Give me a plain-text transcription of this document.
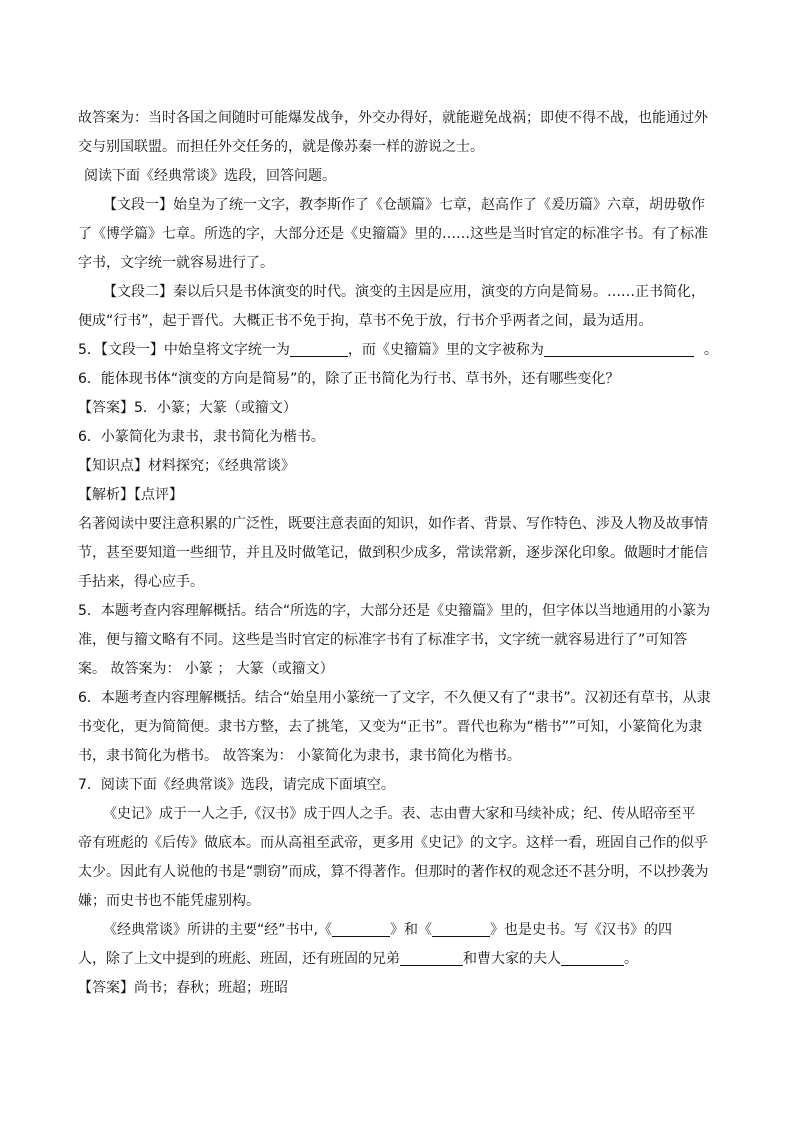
故答案为：当时各国之间随时可能爆发战争，外交办得好，就能避免战祸；即使不得不战，也能通过外
交与别国联盟。而担任外交任务的，就是像苏秦一样的游说之士。
阅读下面《经典常谈》选段，回答问题。
【文段一】始皇为了统一文字，教李斯作了《仓颉篇》七章，赵高作了《爰历篇》六章，胡毋敬作
了《博学篇》七章。所选的字，大部分还是《史籀篇》里的……这些是当时官定的标准字书。有了标准
字书，文字统一就容易进行了。
【文段二】秦以后只是书体演变的时代。演变的主因是应用，演变的方向是简易。……正书简化，
便成“行书”，起于晋代。大概正书不免于拘，草书不免于放，行书介乎两者之间，最为适用。
5．【文段一】中始皇将文字统一为	，而《史籀篇》里的文字被称为	。
6．能体现书体“演变的方向是简易”的，除了正书简化为行书、草书外，还有哪些变化？
【答案】5．小篆；大篆（或籀文）
6．小篆简化为隶书，隶书简化为楷书。
【知识点】材料探究；《经典常谈》
【解析】【点评】
名著阅读中要注意积累的广泛性，既要注意表面的知识，如作者、背景、写作特色、涉及人物及故事情
节，甚至要知道一些细节，并且及时做笔记，做到积少成多，常读常新，逐步深化印象。做题时才能信
手拈来，得心应手。
5．本题考查内容理解概括。结合“所选的字，大部分还是《史籀篇》里的，但字体以当地通用的小篆为
准，便与籀文略有不同。这些是当时官定的标准字书有了标准字书，文字统一就容易进行了”可知答
案。 故答案为： 小篆 ； 大篆（或籀文）
6．本题考查内容理解概括。结合“始皇用小篆统一了文字，不久便又有了“隶书”。汉初还有草书，从隶
书变化，更为简简便。隶书方整，去了挑笔，又变为“正书”。晋代也称为“楷书””可知，小篆简化为隶
书，隶书简化为楷书。 故答案为： 小篆简化为隶书，隶书简化为楷书。
7．阅读下面《经典常谈》选段，请完成下面填空。
《史记》成于一人之手,《汉书》成于四人之手。表、志由曹大家和马续补成；纪、传从昭帝至平
帝有班彪的《后传》做底本。而从高祖至武帝，更多用《史记》的文字。这样一看，班固自己作的似乎
太少。因此有人说他的书是“剽窃”而成，算不得著作。但那时的著作权的观念还不甚分明，不以抄袭为
嫌；而史书也不能凭虚别构。
《经典常谈》所讲的主要“经”书中,《	》和《	》也是史书。写《汉书》的四
人，除了上文中提到的班彪、班固，还有班固的兄弟	和曹大家的夫人	。
【答案】尚书；春秋；班超；班昭
